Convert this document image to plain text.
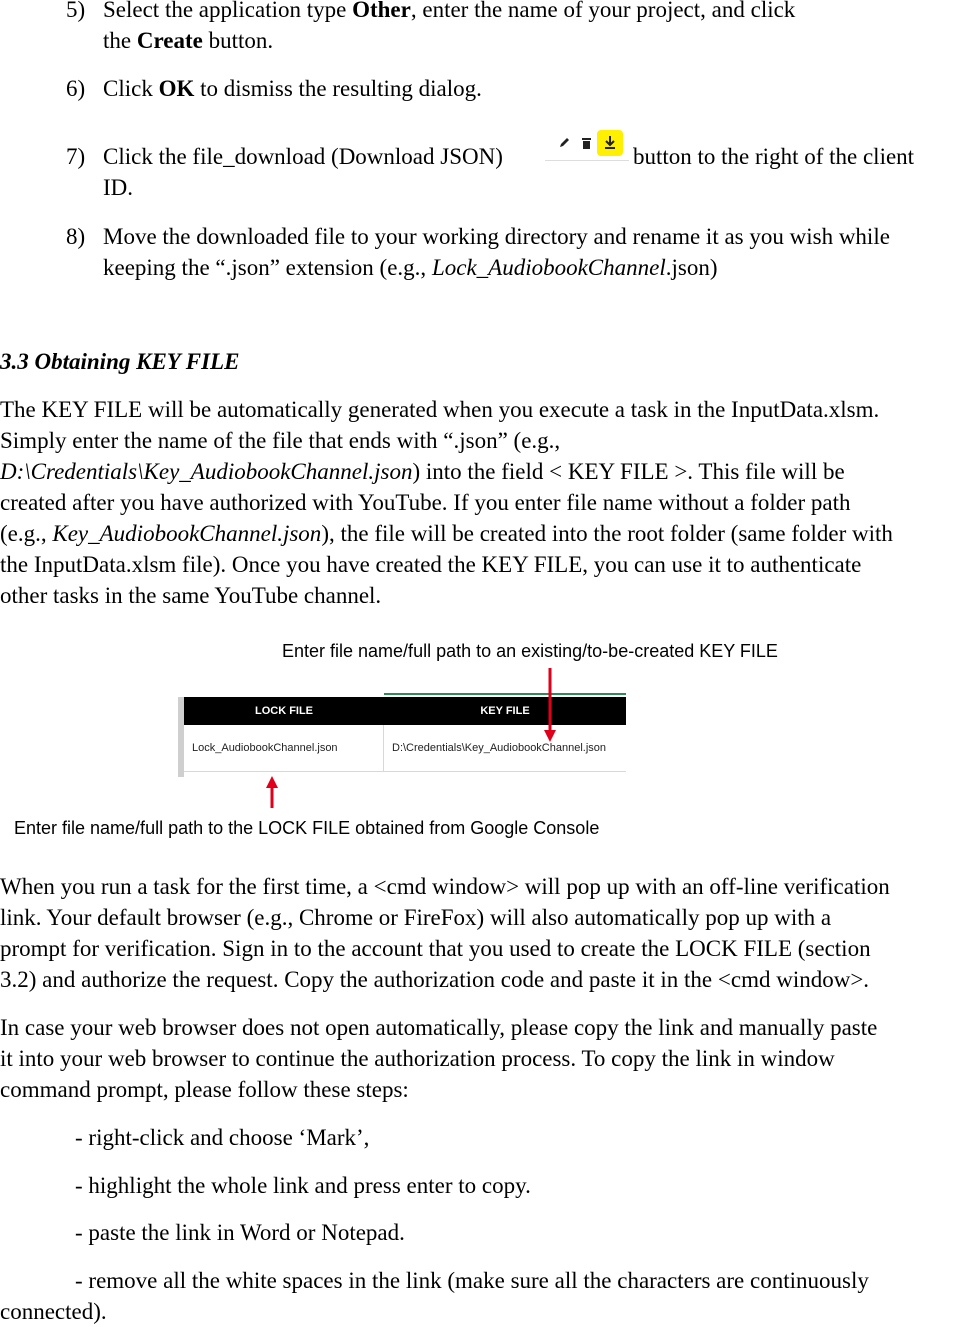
5) Select the application type Other, enter the name of your project, and click
the Create button.
6) Click OK to dismiss the resulting dialog.
7) Click the file_download (Download JSON)	button to the right of the client
ID.
8) Move the downloaded file to your working directory and rename it as you wish while
keeping the “.json” extension (e.g., Lock_AudiobookChannel.json)
3.3 Obtaining KEY FILE
The KEY FILE will be automatically generated when you execute a task in the InputData.xlsm.
Simply enter the name of the file that ends with “.json” (e.g.,
D:\Credentials\Key_AudiobookChannel.json) into the field < KEY FILE >. This file will be
created after you have authorized with YouTube. If you enter file name without a folder path
(e.g., Key_AudiobookChannel.json), the file will be created into the root folder (same folder with
the InputData.xlsm file). Once you have created the KEY FILE, you can use it to authenticate
other tasks in the same YouTube channel.
Enter file name/full path to an existing/to-be-created KEY FILE
LOCK FILE	KEY FILE
Lock_AudiobookChannel.json	D:\Credentials\Key_AudiobookChannel.json
Enter file name/full path to the LOCK FILE obtained from Google Console
When you run a task for the first time, a <cmd window> will pop up with an off-line verification
link. Your default browser (e.g., Chrome or FireFox) will also automatically pop up with a
prompt for verification. Sign in to the account that you used to create the LOCK FILE (section
3.2) and authorize the request. Copy the authorization code and paste it in the <cmd window>.
In case your web browser does not open automatically, please copy the link and manually paste
it into your web browser to continue the authorization process. To copy the link in window
command prompt, please follow these steps:
- right-click and choose ‘Mark’,
- highlight the whole link and press enter to copy.
- paste the link in Word or Notepad.
- remove all the white spaces in the link (make sure all the characters are continuously
connected).
